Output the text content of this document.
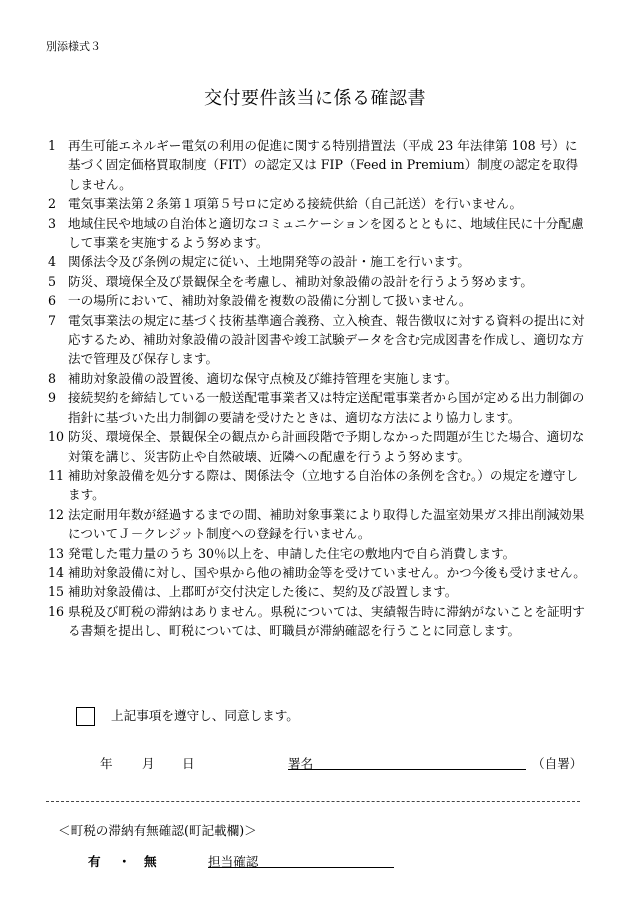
別添様式３
交付要件該当に係る確認書
1 再生可能エネルギー電気の利用の促進に関する特別措置法（平成 23 年法律第 108 号）に基づく固定価格買取制度（FIT）の認定又は FIP（Feed in Premium）制度の認定を取得しません。
2 電気事業法第２条第１項第５号ロに定める接続供給（自己託送）を行いません。
3 地域住民や地域の自治体と適切なコミュニケーションを図るとともに、地域住民に十分配慮して事業を実施するよう努めます。
4 関係法令及び条例の規定に従い、土地開発等の設計・施工を行います。
5 防災、環境保全及び景観保全を考慮し、補助対象設備の設計を行うよう努めます。
6 一の場所において、補助対象設備を複数の設備に分割して扱いません。
7 電気事業法の規定に基づく技術基準適合義務、立入検査、報告徴収に対する資料の提出に対応するため、補助対象設備の設計図書や竣工試験データを含む完成図書を作成し、適切な方法で管理及び保存します。
8 補助対象設備の設置後、適切な保守点検及び維持管理を実施します。
9 接続契約を締結している一般送配電事業者又は特定送配電事業者から国が定める出力制御の指針に基づいた出力制御の要請を受けたときは、適切な方法により協力します。
10 防災、環境保全、景観保全の観点から計画段階で予期しなかった問題が生じた場合、適切な対策を講じ、災害防止や自然破壊、近隣への配慮を行うよう努めます。
11 補助対象設備を処分する際は、関係法令（立地する自治体の条例を含む。）の規定を遵守します。
12 法定耐用年数が経過するまでの間、補助対象事業により取得した温室効果ガス排出削減効果についてＪ－クレジット制度への登録を行いません。
13 発電した電力量のうち 30％以上を、申請した住宅の敷地内で自ら消費します。
14 補助対象設備に対し、国や県から他の補助金等を受けていません。かつ今後も受けません。
15 補助対象設備は、上郡町が交付決定した後に、契約及び設置します。
16 県税及び町税の滞納はありません。県税については、実績報告時に滞納がないことを証明する書類を提出し、町税については、町職員が滞納確認を行うことに同意します。
上記事項を遵守し、同意します。
年 月 日	署名	（自署）
＜町税の滞納有無確認(町記載欄)＞
有 ・ 無	担当確認
